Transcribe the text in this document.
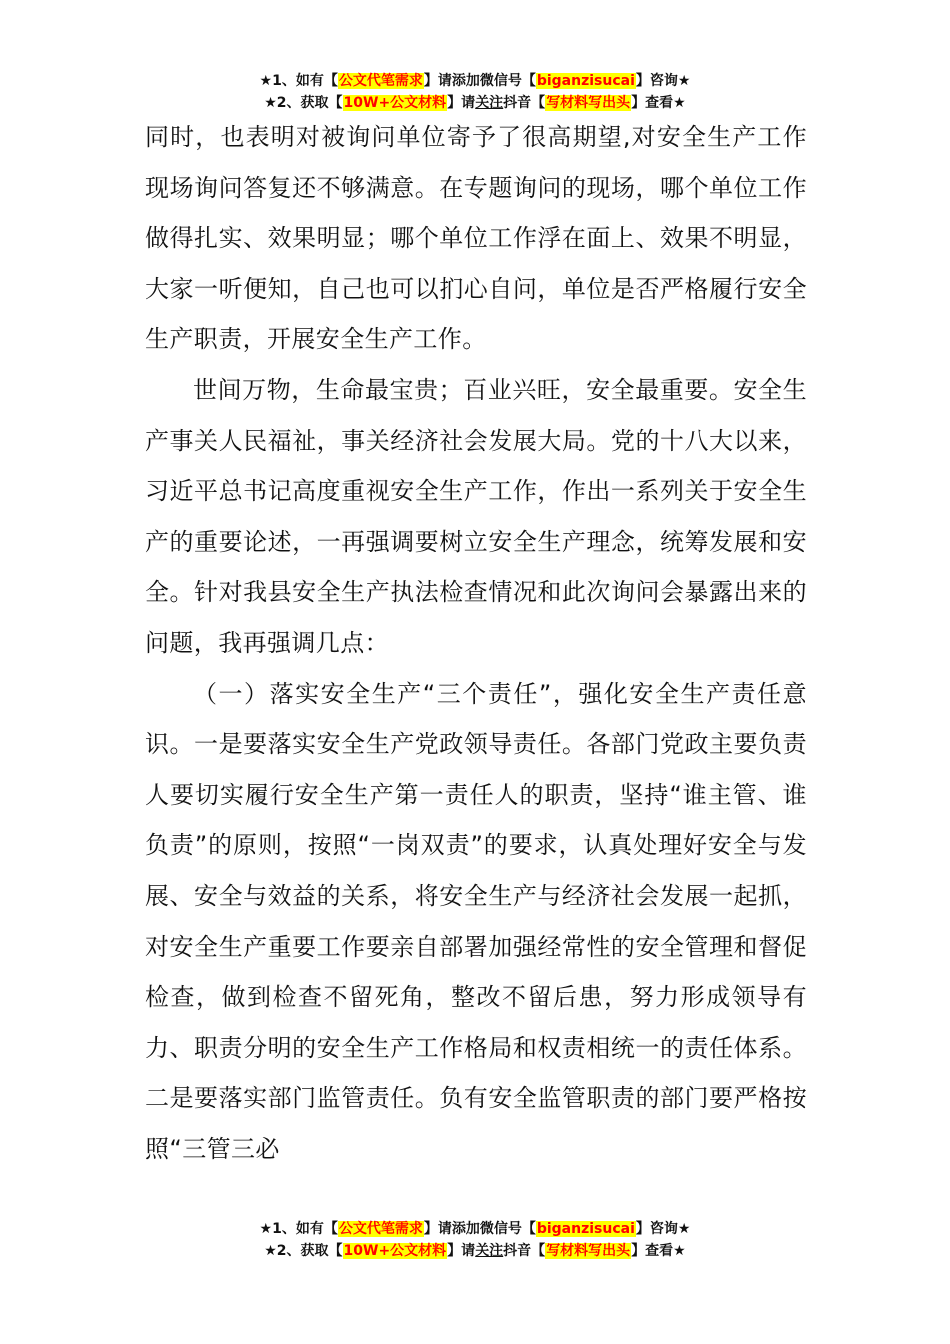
★1、如有【公文代笔需求】请添加微信号【biganzisucai】咨询★
★2、获取【10W+公文材料】请关注抖音【写材料写出头】查看★

同时，也表明对被询问单位寄予了很高期望,对安全生产工作现场询问答复还不够满意。在专题询问的现场，哪个单位工作做得扎实、效果明显；哪个单位工作浮在面上、效果不明显，大家一听便知，自己也可以扪心自问，单位是否严格履行安全生产职责，开展安全生产工作。

世间万物，生命最宝贵；百业兴旺，安全最重要。安全生产事关人民福祉，事关经济社会发展大局。党的十八大以来，习近平总书记高度重视安全生产工作，作出一系列关于安全生产的重要论述，一再强调要树立安全生产理念，统筹发展和安全。针对我县安全生产执法检查情况和此次询问会暴露出来的问题，我再强调几点：

（一）落实安全生产“三个责任”，强化安全生产责任意识。一是要落实安全生产党政领导责任。各部门党政主要负责人要切实履行安全生产第一责任人的职责，坚持“谁主管、谁负责”的原则，按照“一岗双责”的要求，认真处理好安全与发展、安全与效益的关系，将安全生产与经济社会发展一起抓，对安全生产重要工作要亲自部署加强经常性的安全管理和督促检查，做到检查不留死角，整改不留后患，努力形成领导有力、职责分明的安全生产工作格局和权责相统一的责任体系。二是要落实部门监管责任。负有安全监管职责的部门要严格按照“三管三必

★1、如有【公文代笔需求】请添加微信号【biganzisucai】咨询★
★2、获取【10W+公文材料】请关注抖音【写材料写出头】查看★
